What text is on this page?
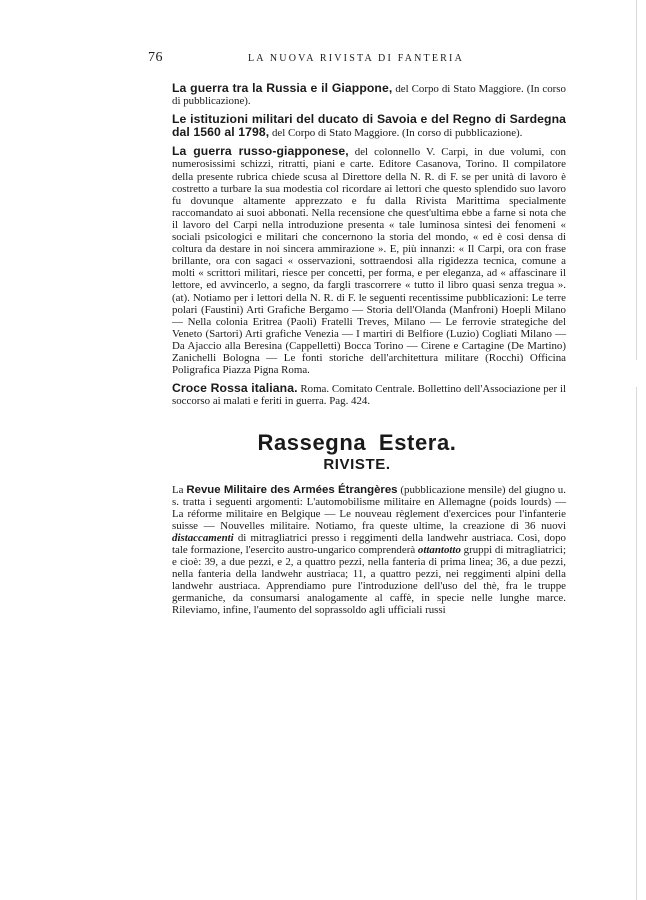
76	LA NUOVA RIVISTA DI FANTERIA

La guerra tra la Russia e il Giappone, del Corpo di Stato Maggiore. (In corso di pubblicazione).

Le istituzioni militari del ducato di Savoia e del Regno di Sardegna dal 1560 al 1798, del Corpo di Stato Maggiore. (In corso di pubblicazione).

La guerra russo-giapponese, del colonnello V. Carpi, in due volumi, con numerosissimi schizzi, ritratti, piani e carte. Editore Casanova, Torino. Il compilatore della presente rubrica chiede scusa al Direttore della N. R. di F. se per unità di lavoro è costretto a turbare la sua modestia col ricordare ai lettori che questo splendido suo lavoro fu dovunque altamente apprezzato e fu dalla Rivista Marittima specialmente raccomandato ai suoi abbonati. Nella recensione che quest'ultima ebbe a farne si nota che il lavoro del Carpi nella introduzione presenta « tale luminosa sintesi dei fenomeni « sociali psicologici e militari che concernono la storia del mondo, « ed è così densa di coltura da destare in noi sincera ammirazione ». E, più innanzi: « Il Carpi, ora con frase brillante, ora con sagaci « osservazioni, sottraendosi alla rigidezza tecnica, comune a molti « scrittori militari, riesce per concetti, per forma, e per eleganza, ad « affascinare il lettore, ed avvincerlo, a segno, da fargli trascorrere « tutto il libro quasi senza tregua ». (at). Notiamo per i lettori della N. R. di F. le seguenti recentissime pubblicazioni: Le terre polari (Faustini) Arti Grafiche Bergamo — Storia dell'Olanda (Manfroni) Hoepli Milano — Nella colonia Eritrea (Paoli) Fratelli Treves, Milano — Le ferrovie strategiche del Veneto (Sartori) Arti grafiche Venezia — I martiri di Belfiore (Luzio) Cogliati Milano — Da Ajaccio alla Beresina (Cappelletti) Bocca Torino — Cirene e Cartagine (De Martino) Zanichelli Bologna — Le fonti storiche dell'architettura militare (Rocchi) Officina Poligrafica Piazza Pigna Roma.

Croce Rossa italiana. Roma. Comitato Centrale. Bollettino dell'Associazione per il soccorso ai malati e feriti in guerra. Pag. 424.

Rassegna Estera.
RIVISTE.

La Revue Militaire des Armées Étrangères (pubblicazione mensile) del giugno u. s. tratta i seguenti argomenti: L'automobilisme militaire en Allemagne (poids lourds) — La réforme militaire en Belgique — Le nouveau règlement d'exercices pour l'infanterie suisse — Nouvelles militaire. Notiamo, fra queste ultime, la creazione di 36 nuovi distaccamenti di mitragliatrici presso i reggimenti della landwehr austriaca. Così, dopo tale formazione, l'esercito austro-ungarico comprenderà ottantotto gruppi di mitragliatrici; e cioè: 39, a due pezzi, e 2, a quattro pezzi, nella fanteria di prima linea; 36, a due pezzi, nella fanteria della landwehr austriaca; 11, a quattro pezzi, nei reggimenti alpini della landwehr austriaca. Apprendiamo pure l'introduzione dell'uso del thè, fra le truppe germaniche, da consumarsi analogamente al caffè, in specie nelle lunghe marce. Rileviamo, infine, l'aumento del soprassoldo agli ufficiali russi
